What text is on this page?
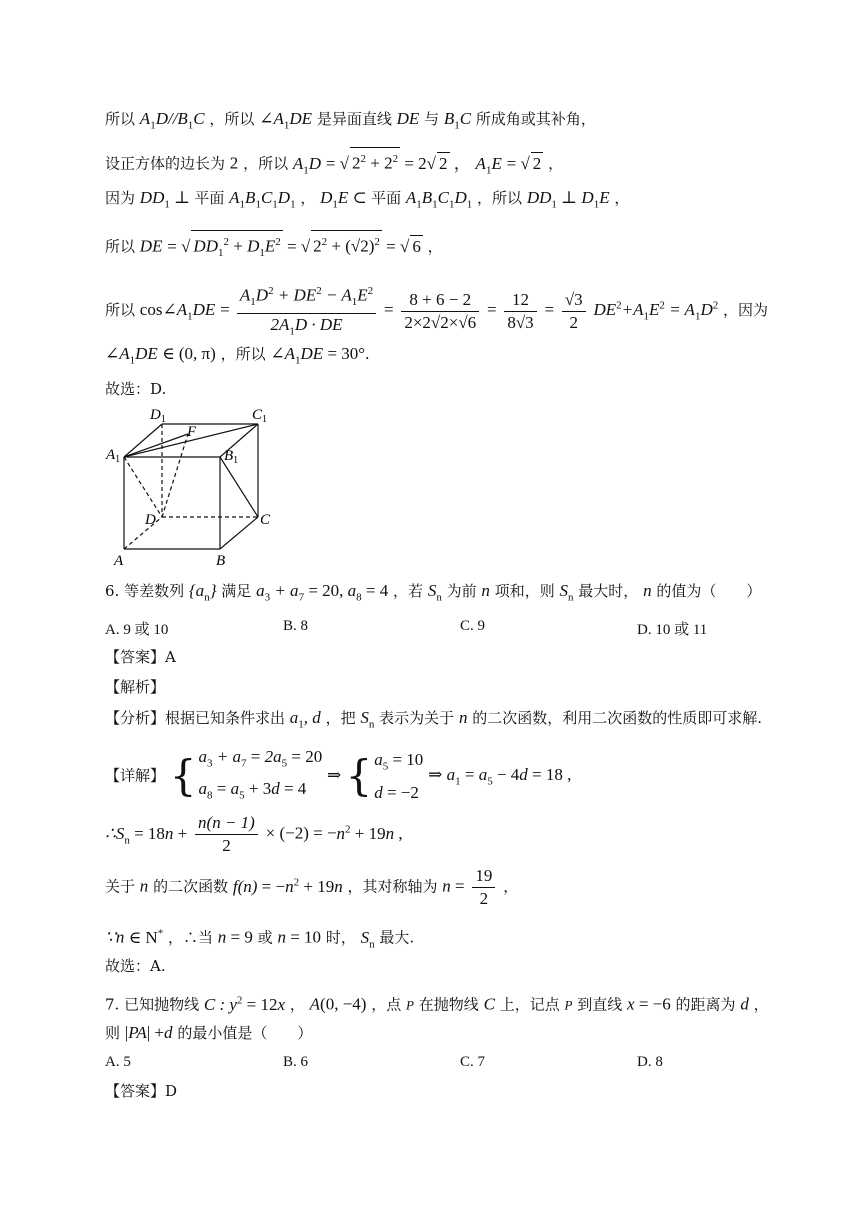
所以 $A_1D//B_1C$ ，所以 $\angle A_1DE$ 是异面直线 DE 与 $B_1C$ 所成角或其补角，
设正方体的边长为 2 ，所以 $A_1D$ = √ $2^2 + 2^2 = 2√$ 2 ， $A_1E$ = √ 2 ，
因为 $DD_1$ ⊥ 平面 $A_1B_1C_1D_1$ ， $D_1E$ ⊂ 平面 $A_1B_1C_1D_1$ ，所以 $DD_1$ ⊥ $D_1E$ ，
所以 DE = √ $DD_1^2 + D_1E^2$ = √ $2^2 + (√2)^2$ = √ 6 ，
所以 $\cos\angle A_1DE = \frac{A_1D^2 + DE^2 - A_1E^2}{2A_1D \cdot DE} = \frac{8 + 6 - 2}{2\times 2√2\times√6} = \frac{12}{8√3} = \frac{√3}{2} DE^2+A_1E^2 = A_1D^2$ ，因为
$\angle A_1DE$ ∈ (0, π) ，所以 $\angle A_1DE = 30^\circ$.
故选：D.
$D_1$	$C_1$
F
$A_1$	$B_1$
D	C
A	B
6. 等差数列 $\{a_n\}$ 满足 $a_3 + a_7 = 20$, $a_8 = 4$ ，若 $S_n$ 为前 n 项和，则 $S_n$ 最大时， n 的值为（　　）
A. 9 或 10	B. 8	C. 9	D. 10 或 11
【答案】A
【解析】
【分析】根据已知条件求出 $a_1$, d ，把 $S_n$ 表示为关于 n 的二次函数，利用二次函数的性质即可求解.
【详解】 { $a_3 + a_7 = 2a_5 = 20$
$a_8 = a_5 + 3d = 4$ ⇒ { $a_5 = 10$
d = −2 ⇒ $a_1 = a_5 - 4d = 18$ ,
$\therefore S_n = 18n + \frac{n(n - 1)}{2} \times (-2) = -n^2 + 19n$ ,
关于 n 的二次函数 $f(n) = -n^2 + 19n$ ，其对称轴为 $n = \frac{19}{2}$ ，
∵n ∈ N* ，∴当 n = 9 或 n = 10 时， $S_n$ 最大.
故选：A.
7. 已知抛物线 C : $y^2 = 12x$ ， A(0, −4) ，点 P 在抛物线 C 上，记点 P 到直线 x = −6 的距离为 d ，
则 |PA| +d 的最小值是（　　）
A. 5	B. 6	C. 7	D. 8
【答案】D
